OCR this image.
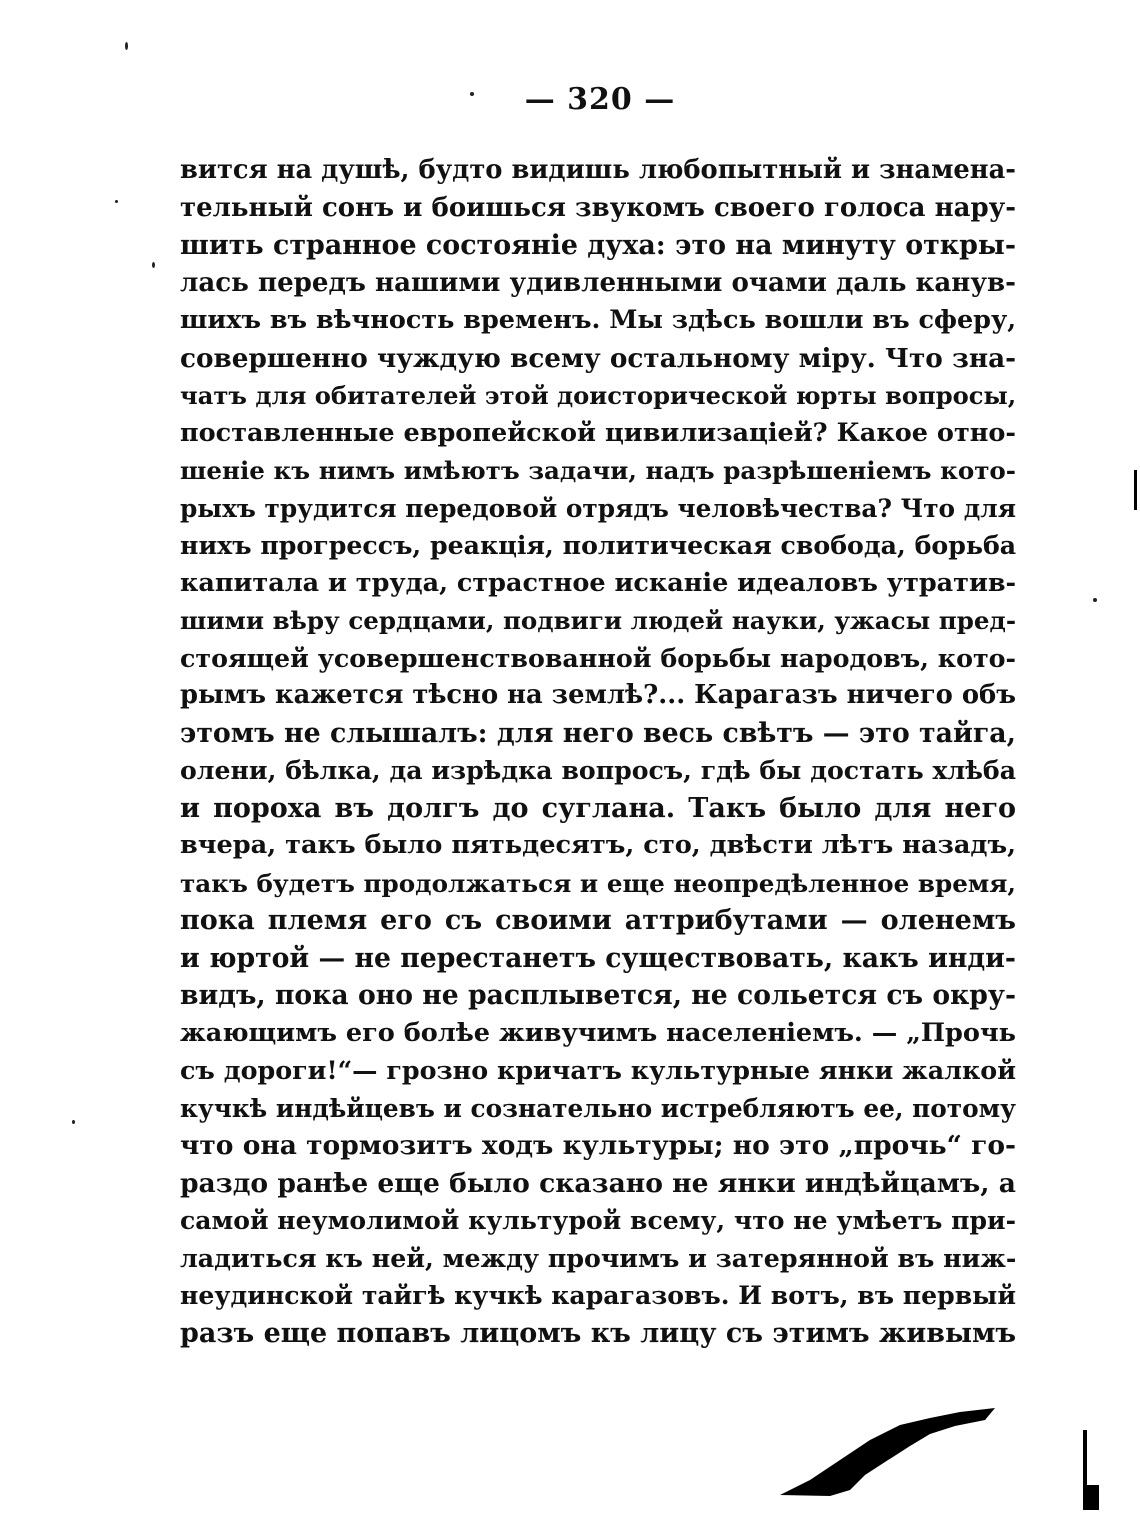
— 320 —
вится на душѣ, будто видишь любопытный и знамена-
тельный сонъ и боишься звукомъ своего голоса нару-
шить странное состояніе духа: это на минуту откры-
лась передъ нашими удивленными очами даль канув-
шихъ въ вѣчность временъ. Мы здѣсь вошли въ сферу,
совершенно чуждую всему остальному міру. Что зна-
чатъ для обитателей этой доисторической юрты вопросы,
поставленные европейской цивилизаціей? Какое отно-
шеніе къ нимъ имѣютъ задачи, надъ разрѣшеніемъ кото-
рыхъ трудится передовой отрядъ человѣчества? Что для
нихъ прогрессъ, реакція, политическая свобода, борьба
капитала и труда, страстное исканіе идеаловъ утратив-
шими вѣру сердцами, подвиги людей науки, ужасы пред-
стоящей усовершенствованной борьбы народовъ, кото-
рымъ кажется тѣсно на землѣ?... Карагазъ ничего объ
этомъ не слышалъ: для него весь свѣтъ — это тайга,
олени, бѣлка, да изрѣдка вопросъ, гдѣ бы достать хлѣба
и пороха въ долгъ до суглана. Такъ было для него
вчера, такъ было пятьдесятъ, сто, двѣсти лѣтъ назадъ,
такъ будетъ продолжаться и еще неопредѣленное время,
пока племя его съ своими аттрибутами — оленемъ
и юртой — не перестанетъ существовать, какъ инди-
видъ, пока оно не расплывется, не сольется съ окру-
жающимъ его болѣе живучимъ населеніемъ. — „Прочь
съ дороги!“— грозно кричатъ культурные янки жалкой
кучкѣ индѣйцевъ и сознательно истребляютъ ее, потому
что она тормозитъ ходъ культуры; но это „прочь“ го-
раздо ранѣе еще было сказано не янки индѣйцамъ, а
самой неумолимой культурой всему, что не умѣетъ при-
ладиться къ ней, между прочимъ и затерянной въ ниж-
неудинской тайгѣ кучкѣ карагазовъ. И вотъ, въ первый
разъ еще попавъ лицомъ къ лицу съ этимъ живымъ
